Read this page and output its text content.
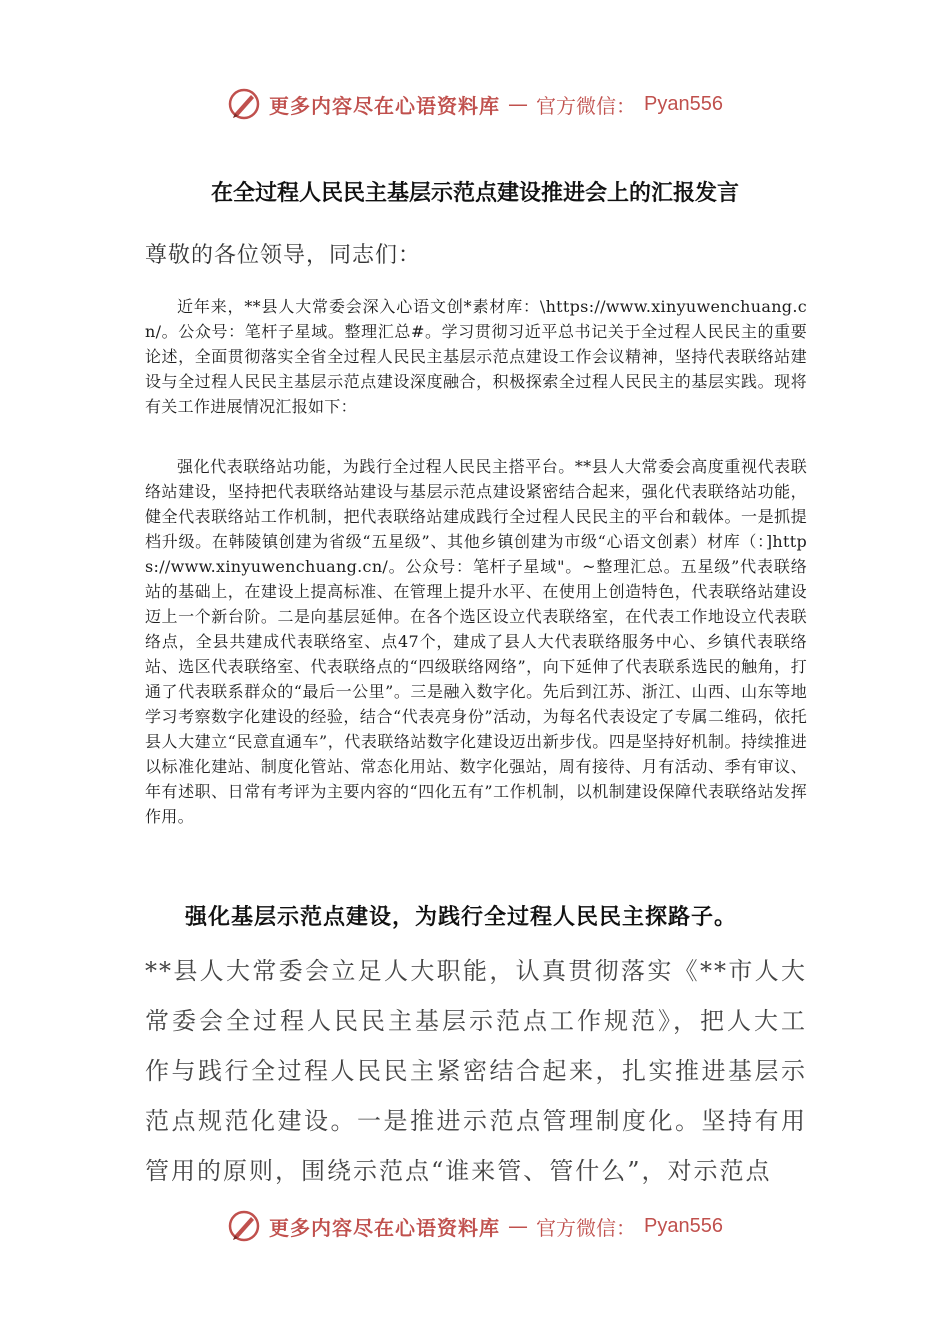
更多内容尽在心语资料库 — 官方微信： Pyan556
在全过程人民民主基层示范点建设推进会上的汇报发言

尊敬的各位领导，同志们：

近年来，**县人大常委会深入心语文创*素材库：\https://www.xinyuwenchuang.cn/。公众号：笔杆子星域。整理汇总#。学习贯彻习近平总书记关于全过程人民民主的重要论述，全面贯彻落实全省全过程人民民主基层示范点建设工作会议精神，坚持代表联络站建设与全过程人民民主基层示范点建设深度融合，积极探索全过程人民民主的基层实践。现将有关工作进展情况汇报如下：

强化代表联络站功能，为践行全过程人民民主搭平台。**县人大常委会高度重视代表联络站建设，坚持把代表联络站建设与基层示范点建设紧密结合起来，强化代表联络站功能，健全代表联络站工作机制，把代表联络站建成践行全过程人民民主的平台和载体。一是抓提档升级。在韩陵镇创建为省级“五星级”、其他乡镇创建为市级“心语文创素）材库（：]https://www.xinyuwenchuang.cn/。公众号：笔杆子星域"。~整理汇总。五星级”代表联络站的基础上，在建设上提高标准、在管理上提升水平、在使用上创造特色，代表联络站建设迈上一个新台阶。二是向基层延伸。在各个选区设立代表联络室，在代表工作地设立代表联络点，全县共建成代表联络室、点47个，建成了县人大代表联络服务中心、乡镇代表联络站、选区代表联络室、代表联络点的“四级联络网络”，向下延伸了代表联系选民的触角，打通了代表联系群众的“最后一公里”。三是融入数字化。先后到江苏、浙江、山西、山东等地学习考察数字化建设的经验，结合“代表亮身份”活动，为每名代表设定了专属二维码，依托县人大建立“民意直通车”，代表联络站数字化建设迈出新步伐。四是坚持好机制。持续推进以标准化建站、制度化管站、常态化用站、数字化强站，周有接待、月有活动、季有审议、年有述职、日常有考评为主要内容的“四化五有”工作机制，以机制建设保障代表联络站发挥作用。

强化基层示范点建设，为践行全过程人民民主探路子。

**县人大常委会立足人大职能，认真贯彻落实《**市人大常委会全过程人民民主基层示范点工作规范》，把人大工作与践行全过程人民民主紧密结合起来，扎实推进基层示范点规范化建设。一是推进示范点管理制度化。坚持有用管用的原则，围绕示范点“谁来管、管什么”，对示范点

更多内容尽在心语资料库 — 官方微信： Pyan556
